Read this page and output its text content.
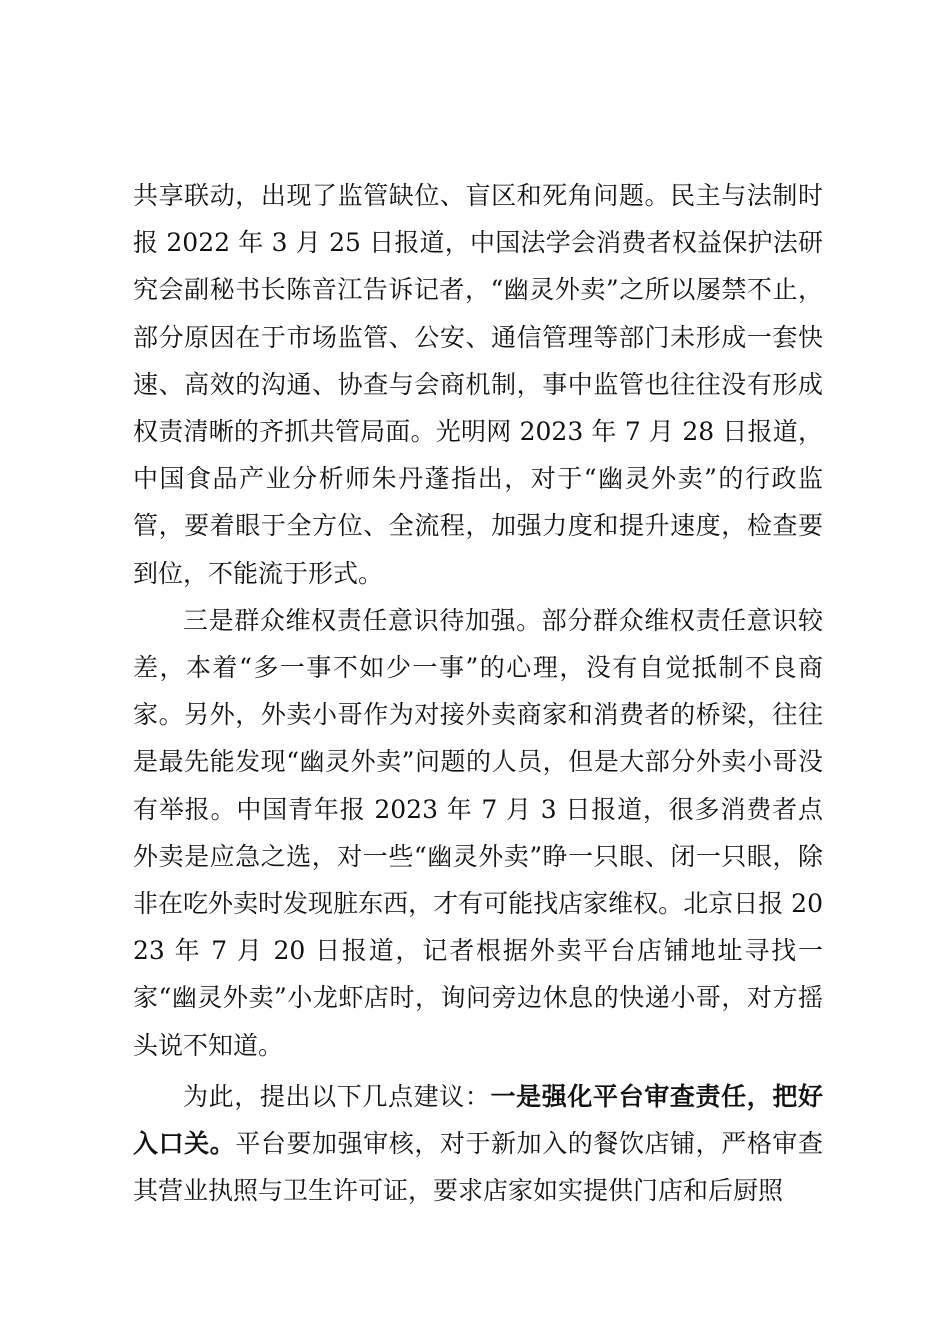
共享联动，出现了监管缺位、盲区和死角问题。民主与法制时报 2022 年 3 月 25 日报道，中国法学会消费者权益保护法研究会副秘书长陈音江告诉记者，“幽灵外卖”之所以屡禁不止，部分原因在于市场监管、公安、通信管理等部门未形成一套快速、高效的沟通、协查与会商机制，事中监管也往往没有形成权责清晰的齐抓共管局面。光明网 2023 年 7 月 28 日报道，中国食品产业分析师朱丹蓬指出，对于“幽灵外卖”的行政监管，要着眼于全方位、全流程，加强力度和提升速度，检查要到位，不能流于形式。

三是群众维权责任意识待加强。部分群众维权责任意识较差，本着“多一事不如少一事”的心理，没有自觉抵制不良商家。另外，外卖小哥作为对接外卖商家和消费者的桥梁，往往是最先能发现“幽灵外卖”问题的人员，但是大部分外卖小哥没有举报。中国青年报 2023 年 7 月 3 日报道，很多消费者点外卖是应急之选，对一些“幽灵外卖”睁一只眼、闭一只眼，除非在吃外卖时发现脏东西，才有可能找店家维权。北京日报 2023 年 7 月 20 日报道，记者根据外卖平台店铺地址寻找一家“幽灵外卖”小龙虾店时，询问旁边休息的快递小哥，对方摇头说不知道。

为此，提出以下几点建议：一是强化平台审查责任，把好入口关。平台要加强审核，对于新加入的餐饮店铺，严格审查其营业执照与卫生许可证，要求店家如实提供门店和后厨照
